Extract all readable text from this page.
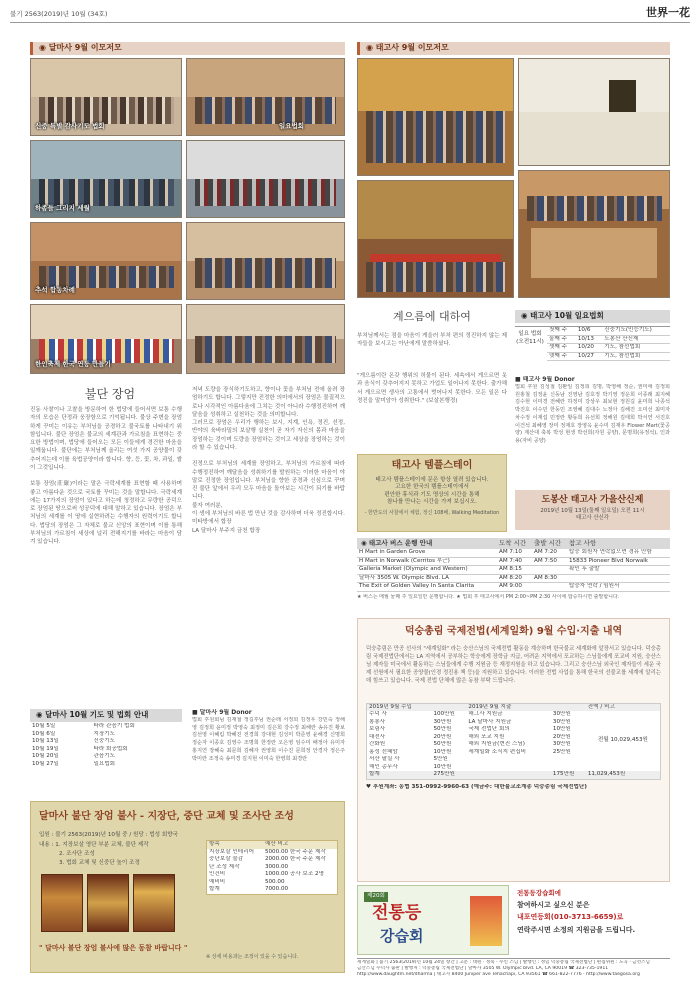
불기 2563(2019)년 10월 (34호)	世界一花
◉ 달마사 9월 이모저모
신중 특별 감사기도 법회	일요법회
하좀들 그리지 세월
추석 합동차례
한인축제 한국 연등 만들기
불단 장엄
진동 사찰이나 고찰을 방문하여 한 법당에 들어서면 보통 수행자의 모습은 단정과 웅장함으로 기억됩니다. 불상 주변을 장엄하게 꾸미는 이유는 부처님을 공경하고 불국토를 나타내기 위함입니다. 불단 장엄은 불교의 세계관과 가르침을 표현하는 중요한 방법이며, 법당에 들어오는 모든 이들에게 경건한 마음을 일깨웁니다. 불단에는 부처님께 올리는 여섯 가지 공양물이 갖추어지는데 이를 육법공양이라 합니다. 향, 등, 꽃, 차, 과일, 쌀이 그것입니다.

보통 장엄(莊嚴)이라는 말은 극락세계를 표현할 때 사용하며 좋고 아름다운 것으로 국토를 꾸미는 것을 말합니다. 극락세계에는 17가지의 장엄이 있다고 하는데 청정하고 무량한 공덕으로 장엄된 땅으로써 성공덕에 대해 말하고 있습니다. 장엄은 부처님의 세계를 이 땅에 실현하려는 수행자의 원력이기도 합니다. 법당의 장엄은 그 자체로 불교 신앙의 표현이며 이를 통해 부처님의 가르침이 세상에 널리 전해지기를 바라는 마음이 담겨 있습니다.
저녁 도량을 장식하기도하고, 향이나 꽃을 부처님 전에 올려 장엄하기도 합니다. 그렇지만 진정한 의미에서의 장엄은 물질적으로나 시각적인 아름다움에 그치는 것이 아니라 수행정진하여 깨달음을 성취하고 실천하는 것을 의미합니다.
그러므로 장엄은 우리가 행하는 보시, 지계, 인욕, 정진, 선정, 반야의 육바라밀의 보살행 실천이 곧 자기 자신의 몸과 마음을 장엄하는 것이며 도량을 장엄하는 것이고 세상을 장엄하는 것이라 할 수 있습니다.

진정으로 부처님의 세계를 장엄하고, 부처님의 가르침에 따라 수행정진하여 깨달음을 성취하기를 발원하는 이러한 마음이 야말로 진정한 장엄입니다. 부처님을 향한 공경과 신심으로 꾸며진 불단 앞에서 우리 모두 마음을 돌아보는 시간이 되기를 바랍니다.
불자 여러분,
이 생에 부처님의 바른 법 만난 것을 감사하며 더욱 정진합시다.
미타방에서 합장
LA 달마사 부주지 금천 합장
◉ 달마사 10월 기도 및 법회 안내
10월 5일	타라 관음기 법회
10월 6일	지장기도
10월 13일	신중기도
10월 19일	타라 회공법회
10월 20일	관음기도
10월 27일	일요법회
■ 달마사 9월 Donor
법회 후원회님 김재철 정길후님 권순래 서정희 김정우 강민숙 정해영 김정희 윤미정 박영숙 최정미 김은희 강수정 최해란 송유진 황보 김선영 이혜림 박혜진 전경희 강대현 김성미 박준영 윤해경 신명희 정순자 이종호 김영수 조명희 한정란 오은영 임수미 배정아 유미자 홍지연 장혜숙 최문희 김혜자 권영희 이수진 문희정 안경자 정은주 박미란 조정숙 송미경 김지현 이미숙 한영희 최경란
달마사 불단 장엄 불사 - 지장단, 중단 교체 및 조사단 조성
입원 : 불기 2563(2019)년 10월 중 / 원당 : 법성 회향국
내용 : 1. 지장보살 영단 부분 교체, 불단 제작
2. 조사단 조성
3. 법회 교체 및 신중단 높이 조정
" 달마사 불단 장엄 불사에 많은 동참 바랍니다 "
항목	예산 비고
지장보살 인테리어	5000.00 한국 주문 제작
중단보살 불감	2000.00 한국 주문 제작
단 조성 제작	3000.00
인건비	1000.00 공사 보조 2명
예비비	500.00
합계	7000.00
※ 상세 비용과는 조정이 있을 수 있습니다.
◉ 태고사 9월 이모저모
계으름에 대하여
부처님께서는 점을 마음이 게을러 부처 편의 정진하지 않는 제자들을 보시고는 아난에게 말씀하셨다.
"게으름이란 온갖 행위의 허물이 된다. 세속에서 게으르면 옷과 음식이 갖추어지지 못하고 가업도 일어나지 못한다. 출가해서 게으르면 생사의 고통에서 벗어나지 못한다. 모든 일은 다 정진을 말미암아 성취한다." (보살본행경)
태고사 템플스테이
태고사 템플스테이에 문은 항상 열려 있습니다.
고요한 한국의 템플스테이에서
편안한 휴식과 기도 명상의 시간을 통해
참나를 만나는 시간을 가져 보십시오.
- 한반도의 사찰에서 체험, 정신 108배, Walking Meditation
◉ 태고사 10월 일요법회
일요 법회 (오전11시)
첫째 주	10/6	신중기도(인등기도)
둘째 주	10/13	도봉산 산신제
셋째 주	10/20	기도, 참선법회
넷째 주	10/27	기도, 참선법회
■ 태고사 9월 Donor
법회 후원 김성철 김환일 김정희 김명, 박영해 정순, 권미애 김정희 원홍철 김정윤 신동남 진영남 김호정 박기영 정운희 이종래 최지혜 김수현 이미경 전혜란 하정미 강상우 최보현 정원길 윤미희 나종석 박진호 이수민 한동민 조영혜 김대수 노정아 김해진 오미선 최미자 차수정 이재섭 민정란 황동희 유선희 정해원 김태희 박서연 서진호 이건석 최혜영 장미 정재호 장영옥 윤수미 김재우 Flower Mart(꽃공양) 계산대 축복 박성 현생 박선희(자원 공양), 문명희(유정석), 인과용(자비 공양)
도봉산 태고사 가을산신제
2019년 10월 13일(둘째 일요일) 오전 11시
태고사 산신각
◉ 태고사 버스 운행 안내	도착 시간	출발 시간	참고 사항
H Mart in Garden Grove	AM 7:10	AM 7:20	탑승 회원자 연락없으면 경유 안함
H Mart in Norwalk (Cerritos 부근)	AM 7:40	AM 7:50	15833 Pioneer Blvd Norwalk
Galleria Market (Olympic and Western)	AM 8:15		확인 후 출발
달마사 3505 W. Olympic Blvd. LA	AM 8:20	AM 8:30	
The Exit of Golden Valley In Santa Clarita	AM 9:00		탑승자 연락 / 임원서
★ 버스는 매월 둘째 주 일요일만 운행합니다. ★ 법회 후 태고사에서 PM 2:00~PM 2:30 사이에 탑승하시면 출발합니다.
덕숭총림 국제전법(세계일화) 9월 수입·지출 내역
덕숭총림은 만공 선사의 "세계일화" 라는 숭산스님의 국제전법 활동을 계승하며 한국불교 세계화에 앞장서고 있습니다. 덕숭총림 국제전법단에서는 LA 지역에서 공부하는 학승에게 장학금 지급, 어려운 지역에서 포교하는 스님들에게 포교비 지원, 숭산스님 제자들 미국에서 활동하는 스님들에게 수행 지원금 등 재정지원을 하고 있습니다. 그리고 숭산스님 외국인 제자들이 세운 국제 선원에서 필요한 공양물(인경 정진용 책 등)을 지원하고 있습니다. 이러한 전법 사업을 통해 한국의 선불교를 세계에 알리는 데 힘쓰고 있습니다. 국제 전법 단체에 많은 동참 부탁 드립니다.
2019년 9월 수입		2019년 9월 지출		잔액 / 비고
수덕 사	100만원	해그사 지원금	30만원	전월 10,029,453원
봉봉사	30만원	LA 달마사 지원금	30만원	
보림사	50만원	국제 전법단 회의	10만원	
대전사	20만원	해외 포교 지원	20만원	
간화원	50만원	해외 지원금(현진 스님)	30만원	
홍성 선혜암	10만원	세계일화 소식지 편집비	25만원	
서산 팔실 사	5만원			
해인 총무사	10만원			
합계	275만원		175만원	11,029,453원
♥ 후원계좌: 농협 351-0992-9960-63 (예금주: 대한불교조계종 덕숭총림 국제전법단)
제20회
전통등
강습회
전통등강습회에
참여하시고 싶으신 분은
내포연등회(010-3713-6659)로
연락주시면 소정의 지원금을 드립니다.
세계일화 | 불기 2563(2019)년 10월 24일 창간 | 고문 : 대원 · 정묵 · 수인 스님 | 발행인 : 정념 덕숭총림 국제전법단 | 편집위원 : 도곡 · 금선스님
금산스님 수덕사 출판 | 발행처 : 덕숭총림 국제전법단 | 달마사 3505 W. Olympic blvd. LA, CA 90019 ☎ 323-735-1911
http://www.daughtm.net/dharma | 태고사 8400 Juniper ave Tehachapi, CA 93561 ☎ 661-822-7776 · http://www.taegosa.org
